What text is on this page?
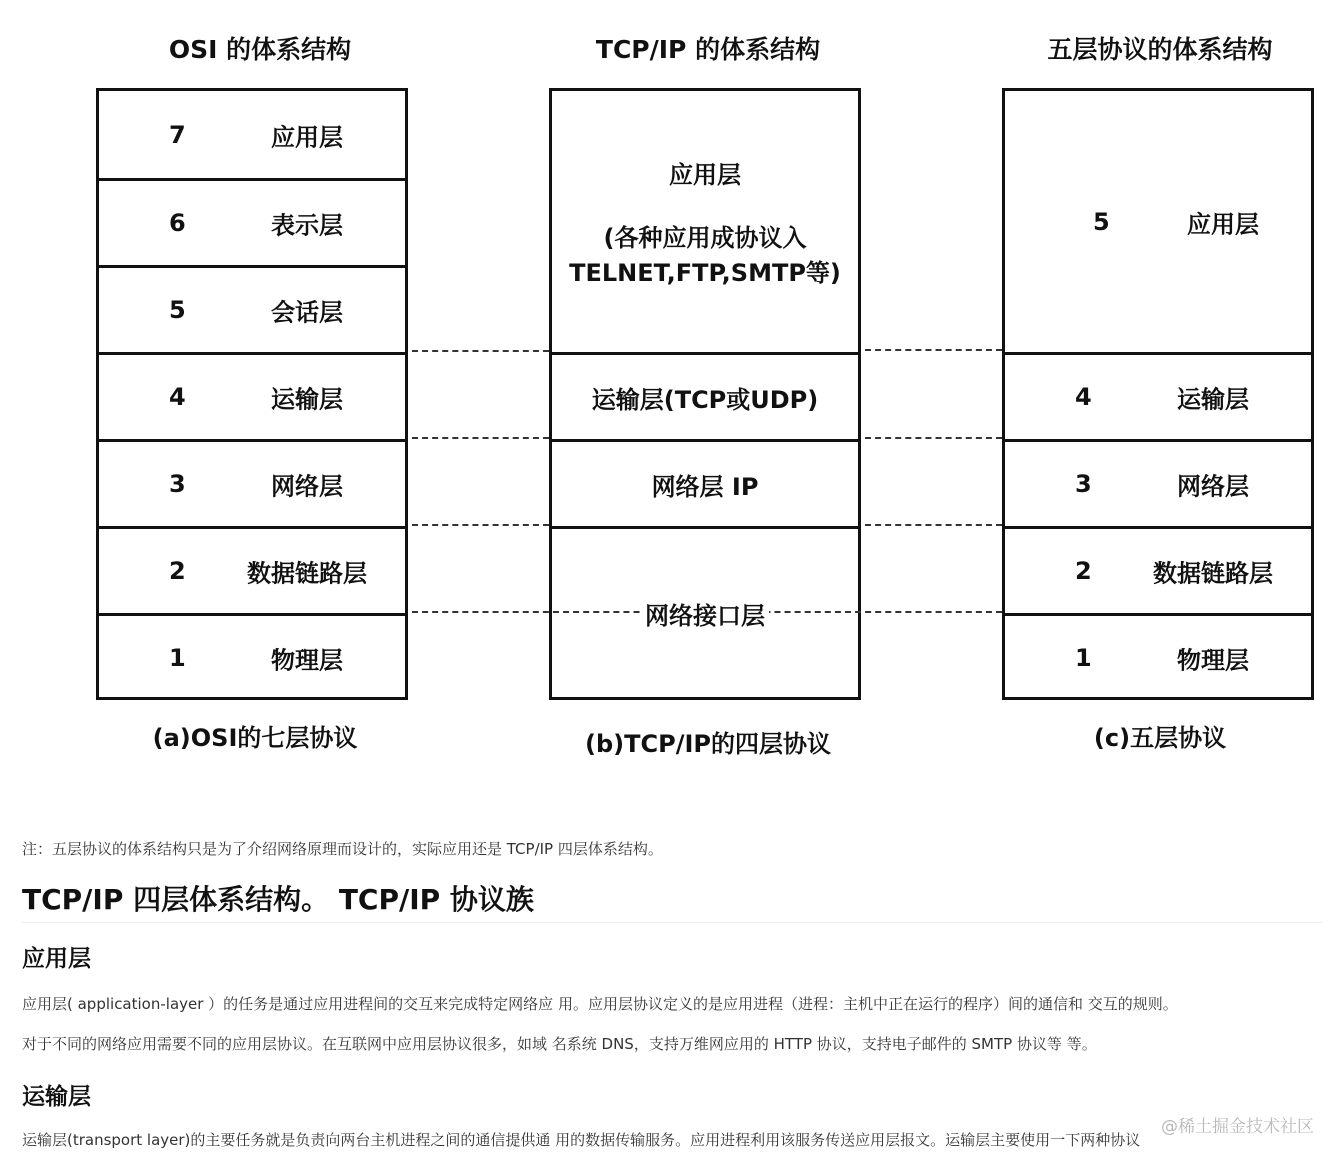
OSI 的体系结构
7	应用层
6	表示层
5	会话层
4	运输层
3	网络层
2	数据链路层
1	物理层
(a)OSI的七层协议
TCP/IP 的体系结构
应用层
(各种应用成协议入
TELNET,FTP,SMTP等)
运输层(TCP或UDP)
网络层 IP
网络接口层
(b)TCP/IP的四层协议
五层协议的体系结构
5	应用层
4	运输层
3	网络层
2	数据链路层
1	物理层
(c)五层协议
注：五层协议的体系结构只是为了介绍网络原理而设计的，实际应用还是 TCP/IP 四层体系结构。
TCP/IP 四层体系结构。 TCP/IP 协议族
应用层
应用层( application-layer ）的任务是通过应用进程间的交互来完成特定网络应 用。应用层协议定义的是应用进程（进程：主机中正在运行的程序）间的通信和 交互的规则。
对于不同的网络应用需要不同的应用层协议。在互联网中应用层协议很多，如域 名系统 DNS，支持万维网应用的 HTTP 协议，支持电子邮件的 SMTP 协议等 等。
运输层
运输层(transport layer)的主要任务就是负责向两台主机进程之间的通信提供通 用的数据传输服务。应用进程利用该服务传送应用层报文。运输层主要使用一下两种协议
@稀土掘金技术社区
